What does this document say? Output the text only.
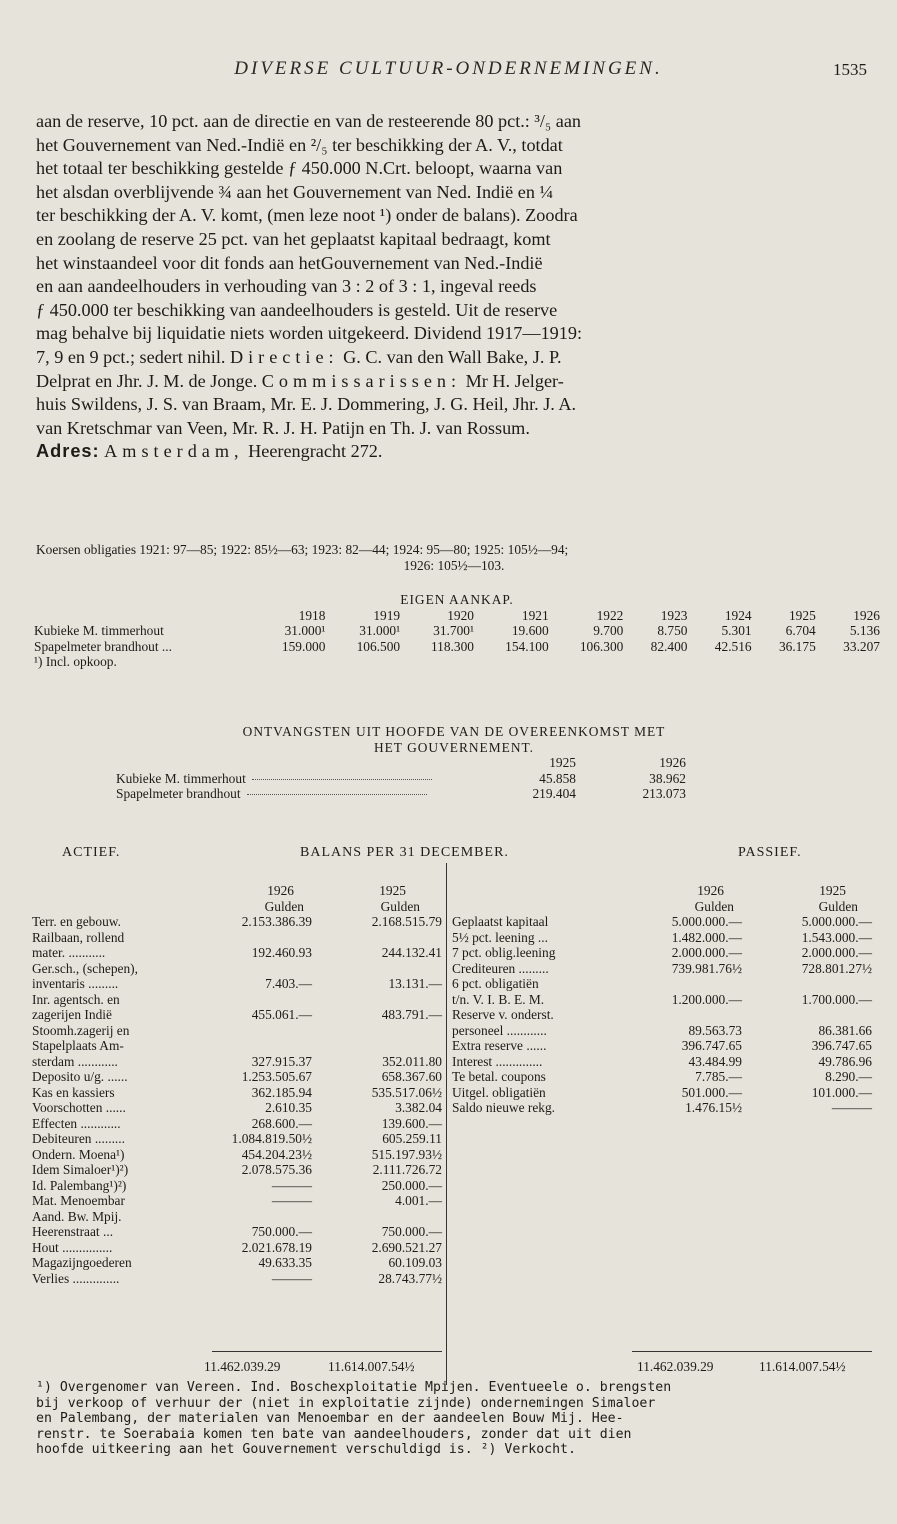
DIVERSE CULTUUR-ONDERNEMINGEN.	1535
aan de reserve, 10 pct. aan de directie en van de resteerende 80 pct.: ³/₅ aan
het Gouvernement van Ned.-Indië en ²/₅ ter beschikking der A. V., totdat
het totaal ter beschikking gestelde ƒ 450.000 N.Crt. beloopt, waarna van
het alsdan overblijvende ¾ aan het Gouvernement van Ned. Indië en ¼
ter beschikking der A. V. komt, (men leze noot ¹) onder de balans). Zoodra
en zoolang de reserve 25 pct. van het geplaatst kapitaal bedraagt, komt
het winstaandeel voor dit fonds aan hetGouvernement van Ned.-Indië
en aan aandeelhouders in verhouding van 3 : 2 of 3 : 1, ingeval reeds
ƒ 450.000 ter beschikking van aandeelhouders is gesteld. Uit de reserve
mag behalve bij liquidatie niets worden uitgekeerd. Dividend 1917—1919:
7, 9 en 9 pct.; sedert nihil. Directie: G. C. van den Wall Bake, J. P.
Delprat en Jhr. J. M. de Jonge. Commissarissen: Mr H. Jelger-
huis Swildens, J. S. van Braam, Mr. E. J. Dommering, J. G. Heil, Jhr. J. A.
van Kretschmar van Veen, Mr. R. J. H. Patijn en Th. J. van Rossum.
Adres: Amsterdam, Heerengracht 272.
Koersen obligaties 1921: 97—85; 1922: 85½—63; 1923: 82—44; 1924: 95—80; 1925: 105½—94;
1926: 105½—103.
EIGEN AANKAP.
	1918	1919	1920	1921	1922	1923	1924	1925	1926
Kubieke M. timmerhout	31.000¹	31.000¹	31.700¹	19.600	9.700	8.750	5.301	6.704	5.136
Spapelmeter brandhout ...	159.000	106.500	118.300	154.100	106.300	82.400	42.516	36.175	33.207
¹) Incl. opkoop.
ONTVANGSTEN UIT HOOFDE VAN DE OVEREENKOMST MET
HET GOUVERNEMENT.
	1925	1926
Kubieke M. timmerhout	45.858	38.962
Spapelmeter brandhout	219.404	213.073
ACTIEF.	BALANS PER 31 DECEMBER.	PASSIEF.
	1926	1925
	Gulden	Gulden
Terr. en gebouw.	2.153.386.39	2.168.515.79
Railbaan, rollend		
mater. ...........	192.460.93	244.132.41
Ger.sch., (schepen),		
inventaris .........	7.403.—	13.131.—
Inr. agentsch. en		
zagerijen Indië	455.061.—	483.791.—
Stoomh.zagerij en		
Stapelplaats Am-		
sterdam ............	327.915.37	352.011.80
Deposito u/g. ......	1.253.505.67	658.367.60
Kas en kassiers	362.185.94	535.517.06½
Voorschotten ......	2.610.35	3.382.04
Effecten ............	268.600.—	139.600.—
Debiteuren .........	1.084.819.50½	605.259.11
Ondern. Moena¹)	454.204.23½	515.197.93½
Idem Simaloer¹)²)	2.078.575.36	2.111.726.72
Id. Palembang¹)²)	———	250.000.—
Mat. Menoembar	———	4.001.—
Aand. Bw. Mpij.		
Heerenstraat ...	750.000.—	750.000.—
Hout ...............	2.021.678.19	2.690.521.27
Magazijngoederen	49.633.35	60.109.03
Verlies ..............	———	28.743.77½
	1926	1925
	Gulden	Gulden
Geplaatst kapitaal	5.000.000.—	5.000.000.—
5½ pct. leening ...	1.482.000.—	1.543.000.—
7 pct. oblig.leening	2.000.000.—	2.000.000.—
Crediteuren .........	739.981.76½	728.801.27½
6 pct. obligatiën		
t/n. V. I. B. E. M.	1.200.000.—	1.700.000.—
Reserve v. onderst.		
personeel ............	89.563.73	86.381.66
Extra reserve ......	396.747.65	396.747.65
Interest ..............	43.484.99	49.786.96
Te betal. coupons	7.785.—	8.290.—
Uitgel. obligatiën	501.000.—	101.000.—
Saldo nieuwe rekg.	1.476.15½	———
11.462.039.29	11.614.007.54½	11.462.039.29	11.614.007.54½
¹) Overgenomer van Vereen. Ind. Boschexploitatie Mpijen. Eventueele o. brengsten
bij verkoop of verhuur der (niet in exploitatie zijnde) ondernemingen Simaloer
en Palembang, der materialen van Menoembar en der aandeelen Bouw Mij. Hee-
renstr. te Soerabaia komen ten bate van aandeelhouders, zonder dat uit dien
hoofde uitkeering aan het Gouvernement verschuldigd is. ²) Verkocht.
